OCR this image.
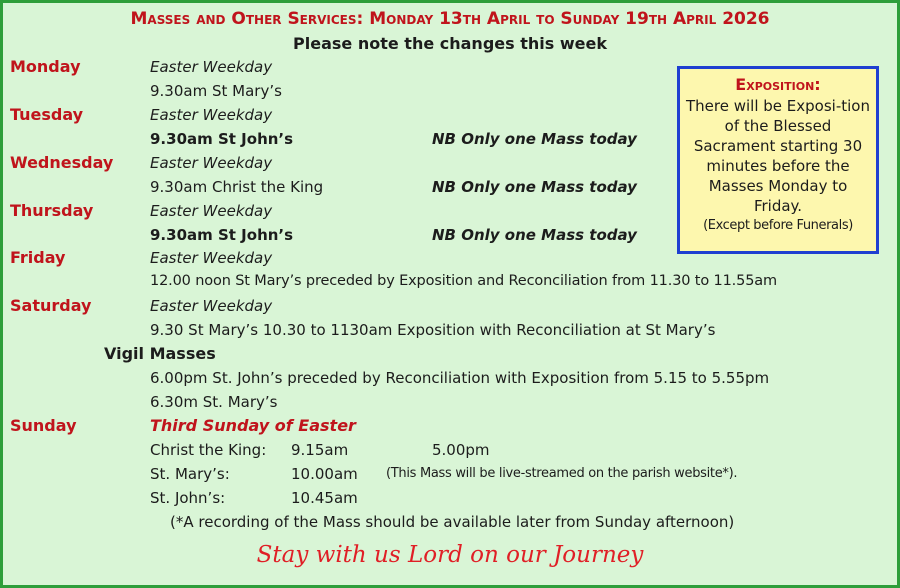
Masses and Other Services: Monday 13th April to Sunday 19th April 2026
Please note the changes this week
Monday	Easter Weekday
9.30am St Mary’s
Tuesday	Easter Weekday
9.30am St John’s	NB Only one Mass today
Wednesday Easter Weekday
9.30am Christ the King	NB Only one Mass today
Thursday	Easter Weekday
9.30am St John’s	NB Only one Mass today
Friday	Easter Weekday
12.00 noon St Mary’s preceded by Exposition and Reconciliation from 11.30 to 11.55am
Saturday	Easter Weekday
9.30 St Mary’s 10.30 to 1130am Exposition with Reconciliation at St Mary’s
Vigil Masses
6.00pm St. John’s preceded by Reconciliation with Exposition from 5.15 to 5.55pm
6.30m St. Mary’s
Sunday	Third Sunday of Easter
Christ the King: 9.15am	5.00pm
St. Mary’s:	10.00am (This Mass will be live-streamed on the parish website*).
St. John’s:	10.45am
(*A recording of the Mass should be available later from Sunday afternoon)
Exposition:
There will be Exposi-tion of the Blessed Sacrament starting 30 minutes before the Masses Monday to Friday.
(Except before Funerals)
Stay with us Lord on our Journey
